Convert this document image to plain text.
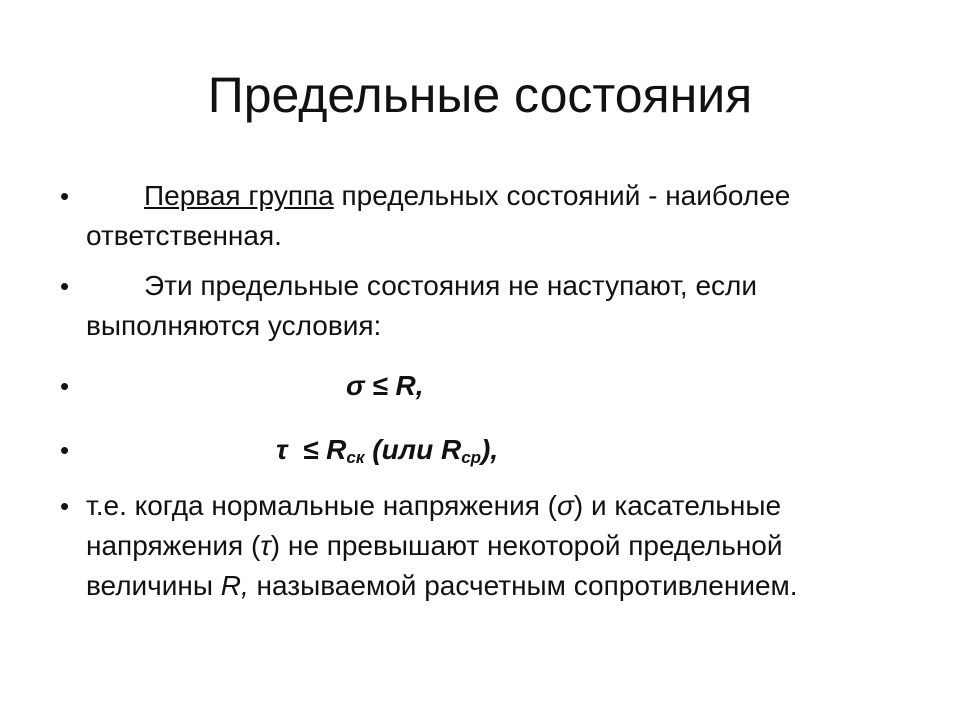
Предельные состояния
•	Первая группа предельных состояний - наиболее
ответственная.
•	Эти предельные состояния не наступают, если
выполняются условия:
•	σ ≤ R,
•	$\tau \le R_{ск}$ (или $R_{ср}$),
• т.е. когда нормальные напряжения (σ) и касательные
напряжения (τ) не превышают некоторой предельной
величины R, называемой расчетным сопротивлением.
